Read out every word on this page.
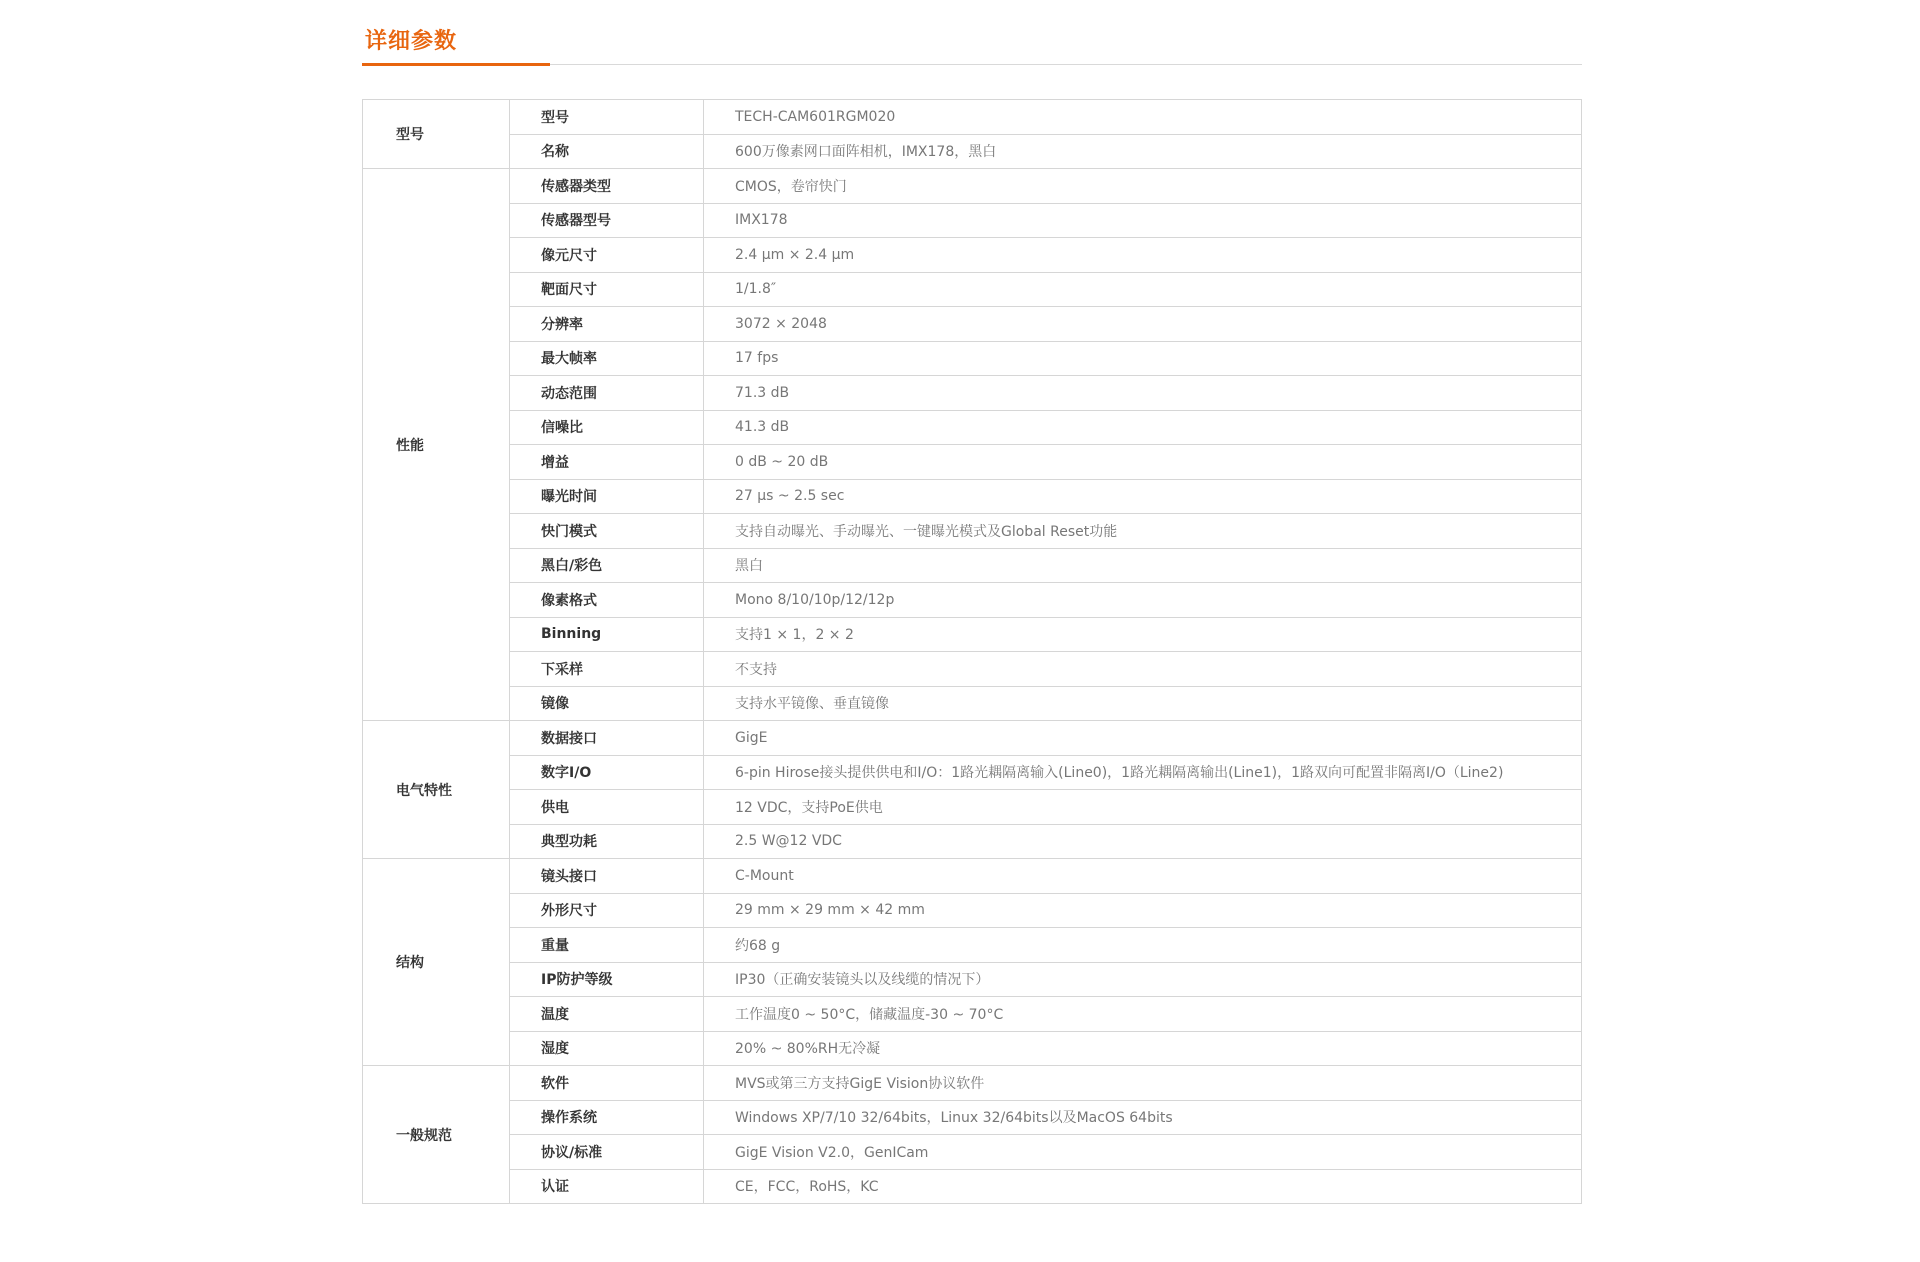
详细参数
型号	型号	TECH-CAM601RGM020
	名称	600万像素网口面阵相机，IMX178，黑白
性能	传感器类型	CMOS，卷帘快门
	传感器型号	IMX178
	像元尺寸	2.4 μm × 2.4 μm
	靶面尺寸	1/1.8″
	分辨率	3072 × 2048
	最大帧率	17 fps
	动态范围	71.3 dB
	信噪比	41.3 dB
	增益	0 dB ~ 20 dB
	曝光时间	27 μs ~ 2.5 sec
	快门模式	支持自动曝光、手动曝光、一键曝光模式及Global Reset功能
	黑白/彩色	黑白
	像素格式	Mono 8/10/10p/12/12p
	Binning	支持1 × 1，2 × 2
	下采样	不支持
	镜像	支持水平镜像、垂直镜像
电气特性	数据接口	GigE
	数字I/O	6-pin Hirose接头提供供电和I/O：1路光耦隔离输入(Line0)，1路光耦隔离输出(Line1)，1路双向可配置非隔离I/O（Line2)
	供电	12 VDC，支持PoE供电
	典型功耗	2.5 W@12 VDC
结构	镜头接口	C-Mount
	外形尺寸	29 mm × 29 mm × 42 mm
	重量	约68 g
	IP防护等级	IP30（正确安装镜头以及线缆的情况下）
	温度	工作温度0 ~ 50°C，储藏温度-30 ~ 70°C
	湿度	20% ~ 80%RH无冷凝
一般规范	软件	MVS或第三方支持GigE Vision协议软件
	操作系统	Windows XP/7/10 32/64bits，Linux 32/64bits以及MacOS 64bits
	协议/标准	GigE Vision V2.0，GenICam
	认证	CE，FCC，RoHS，KC
